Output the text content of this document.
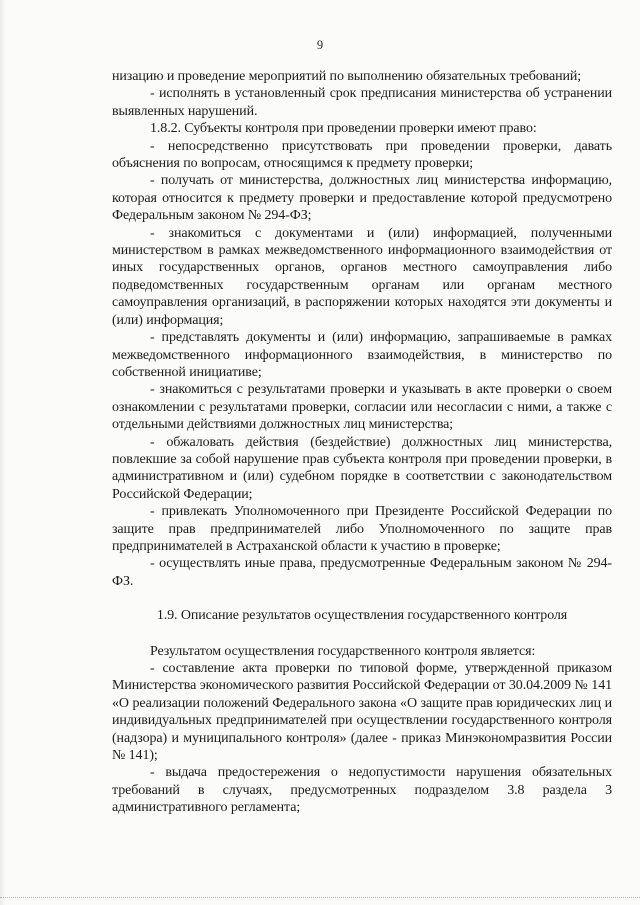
9

низацию и проведение мероприятий по выполнению обязательных требований;

- исполнять в установленный срок предписания министерства об устранении выявленных нарушений.

1.8.2. Субъекты контроля при проведении проверки имеют право:

- непосредственно присутствовать при проведении проверки, давать объяснения по вопросам, относящимся к предмету проверки;

- получать от министерства, должностных лиц министерства информацию, которая относится к предмету проверки и предоставление которой предусмотрено Федеральным законом № 294-ФЗ;

- знакомиться с документами и (или) информацией, полученными министерством в рамках межведомственного информационного взаимодействия от иных государственных органов, органов местного самоуправления либо подведомственных государственным органам или органам местного самоуправления организаций, в распоряжении которых находятся эти документы и (или) информация;

- представлять документы и (или) информацию, запрашиваемые в рамках межведомственного информационного взаимодействия, в министерство по собственной инициативе;

- знакомиться с результатами проверки и указывать в акте проверки о своем ознакомлении с результатами проверки, согласии или несогласии с ними, а также с отдельными действиями должностных лиц министерства;

- обжаловать действия (бездействие) должностных лиц министерства, повлекшие за собой нарушение прав субъекта контроля при проведении проверки, в административном и (или) судебном порядке в соответствии с законодательством Российской Федерации;

- привлекать Уполномоченного при Президенте Российской Федерации по защите прав предпринимателей либо Уполномоченного по защите прав предпринимателей в Астраханской области к участию в проверке;

- осуществлять иные права, предусмотренные Федеральным законом № 294-ФЗ.

1.9. Описание результатов осуществления государственного контроля

Результатом осуществления государственного контроля является:

- составление акта проверки по типовой форме, утвержденной приказом Министерства экономического развития Российской Федерации от 30.04.2009 № 141 «О реализации положений Федерального закона «О защите прав юридических лиц и индивидуальных предпринимателей при осуществлении государственного контроля (надзора) и муниципального контроля» (далее - приказ Минэкономразвития России № 141);

- выдача предостережения о недопустимости нарушения обязательных требований в случаях, предусмотренных подразделом 3.8 раздела 3 административного регламента;
